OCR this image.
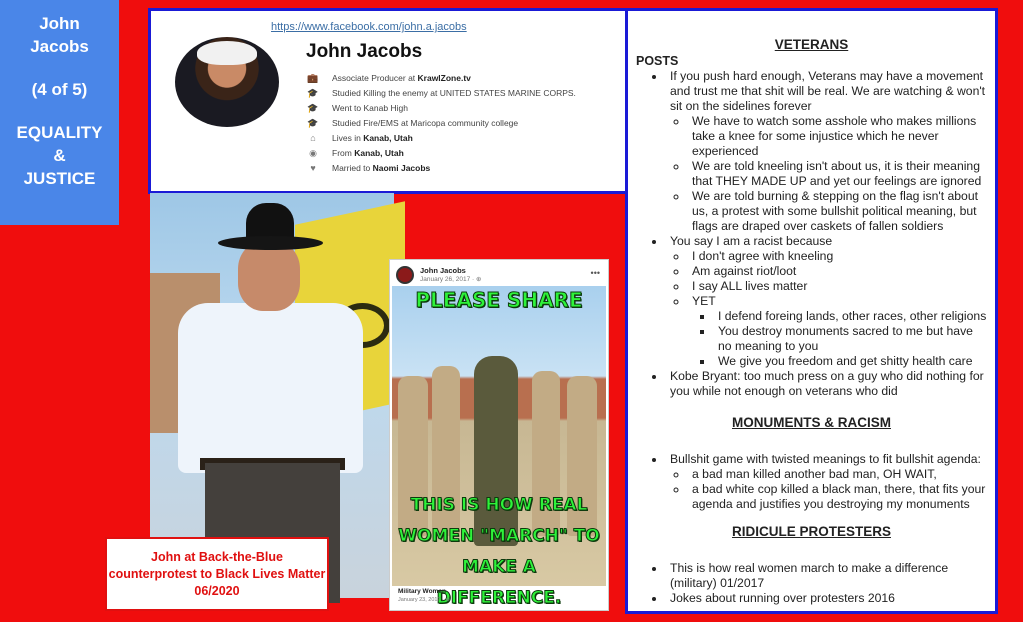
John
Jacobs
(4 of 5)
EQUALITY
&
JUSTICE
https://www.facebook.com/john.a.jacobs
John Jacobs
💼 Associate Producer at KrawlZone.tv
🎓 Studied Killing the enemy at UNITED STATES MARINE CORPS.
🎓 Went to Kanab High
🎓 Studied Fire/EMS at Maricopa community college
⌂	Lives in Kanab, Utah
◉	From Kanab, Utah
♥	Married to Naomi Jacobs
John Jacobs
January 26, 2017 · ⊕
•••
PLEASE SHARE
THIS IS HOW REAL WOMEN "MARCH" TO MAKE A DIFFERENCE.
Military Women
January 23, 2017 · ⊕
John at Back-the-Blue counterprotest to Black Lives Matter 06/2020
VETERANS
POSTS
• If you push hard enough, Veterans may have a movement and trust me that shit will be real. We are watching & won't sit on the sidelines forever
◦ We have to watch some asshole who makes millions take a knee for some injustice which he never experienced
◦ We are told kneeling isn't about us, it is their meaning that THEY MADE UP and yet our feelings are ignored
◦ We are told burning & stepping on the flag isn't about us, a protest with some bullshit political meaning, but flags are draped over caskets of fallen soldiers
• You say I am a racist because
◦ I don't agree with kneeling
◦ Am against riot/loot
◦ I say ALL lives matter
◦ YET
▪ I defend foreing lands, other races, other religions
▪ You destroy monuments sacred to me but have no meaning to you
▪ We give you freedom and get shitty health care
• Kobe Bryant: too much press on a guy who did nothing for you while not enough on veterans who did
MONUMENTS & RACISM
• Bullshit game with twisted meanings to fit bullshit agenda:
◦ a bad man killed another bad man, OH WAIT,
◦ a bad white cop killed a black man, there, that fits your agenda and justifies you destroying my monuments
RIDICULE PROTESTERS
• This is how real women march to make a difference (military) 01/2017
• Jokes about running over protesters 2016
